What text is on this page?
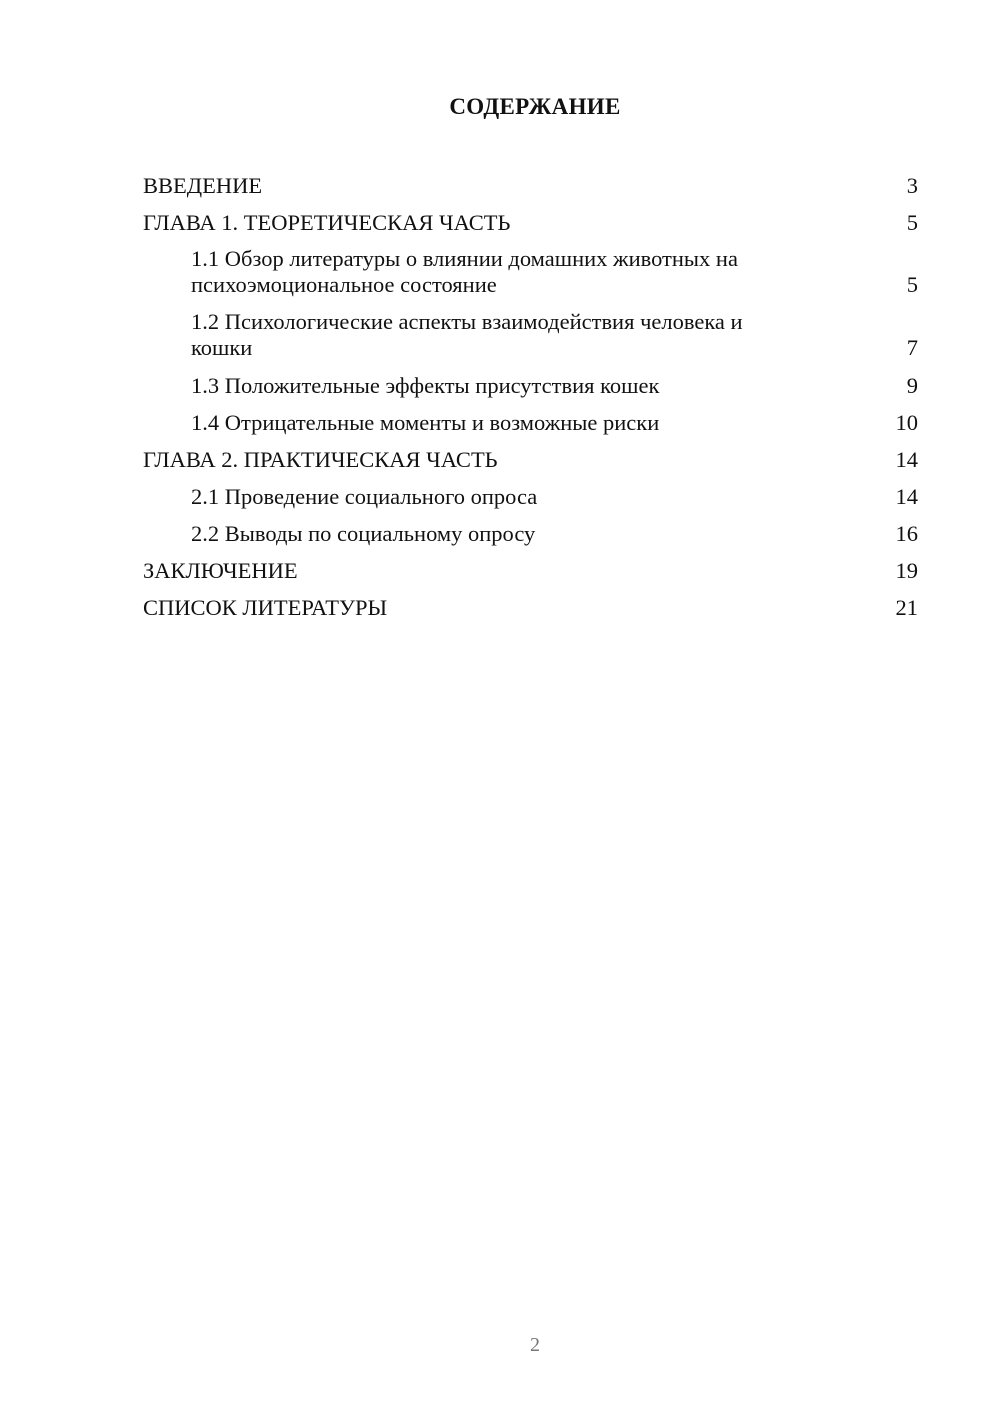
СОДЕРЖАНИЕ
ВВЕДЕНИЕ	3
ГЛАВА 1. ТЕОРЕТИЧЕСКАЯ ЧАСТЬ	5
1.1 Обзор литературы о влиянии домашних животных на психоэмоциональное состояние	5
1.2 Психологические аспекты взаимодействия человека и кошки	7
1.3 Положительные эффекты присутствия кошек	9
1.4 Отрицательные моменты и возможные риски	10
ГЛАВА 2. ПРАКТИЧЕСКАЯ ЧАСТЬ	14
2.1 Проведение социального опроса	14
2.2 Выводы по социальному опросу	16
ЗАКЛЮЧЕНИЕ	19
СПИСОК ЛИТЕРАТУРЫ	21
2
